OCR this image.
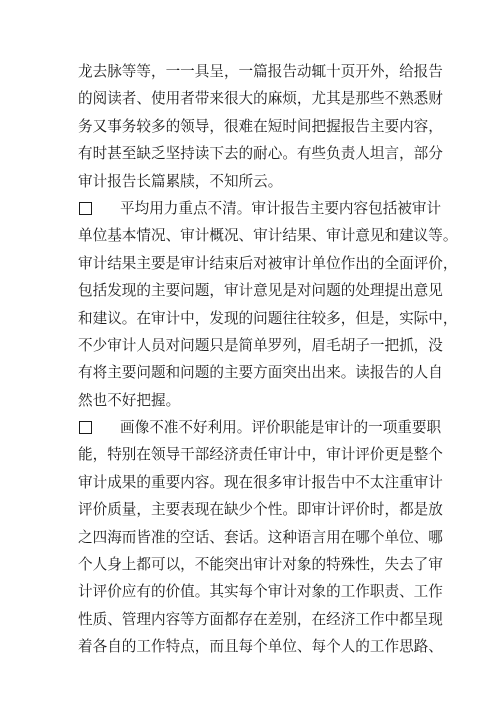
龙去脉等等，一一具呈，一篇报告动辄十页开外，给报告
的阅读者、使用者带来很大的麻烦，尤其是那些不熟悉财
务又事务较多的领导，很难在短时间把握报告主要内容，
有时甚至缺乏坚持读下去的耐心。有些负责人坦言，部分
审计报告长篇累牍，不知所云。
平均用力重点不清。审计报告主要内容包括被审计
单位基本情况、审计概况、审计结果、审计意见和建议等。
审计结果主要是审计结束后对被审计单位作出的全面评价，
包括发现的主要问题，审计意见是对问题的处理提出意见
和建议。在审计中，发现的问题往往较多，但是，实际中，
不少审计人员对问题只是简单罗列，眉毛胡子一把抓，没
有将主要问题和问题的主要方面突出出来。读报告的人自
然也不好把握。
画像不准不好利用。评价职能是审计的一项重要职
能，特别在领导干部经济责任审计中，审计评价更是整个
审计成果的重要内容。现在很多审计报告中不太注重审计
评价质量，主要表现在缺少个性。即审计评价时，都是放
之四海而皆准的空话、套话。这种语言用在哪个单位、哪
个人身上都可以，不能突出审计对象的特殊性，失去了审
计评价应有的价值。其实每个审计对象的工作职责、工作
性质、管理内容等方面都存在差别，在经济工作中都呈现
着各自的工作特点，而且每个单位、每个人的工作思路、
